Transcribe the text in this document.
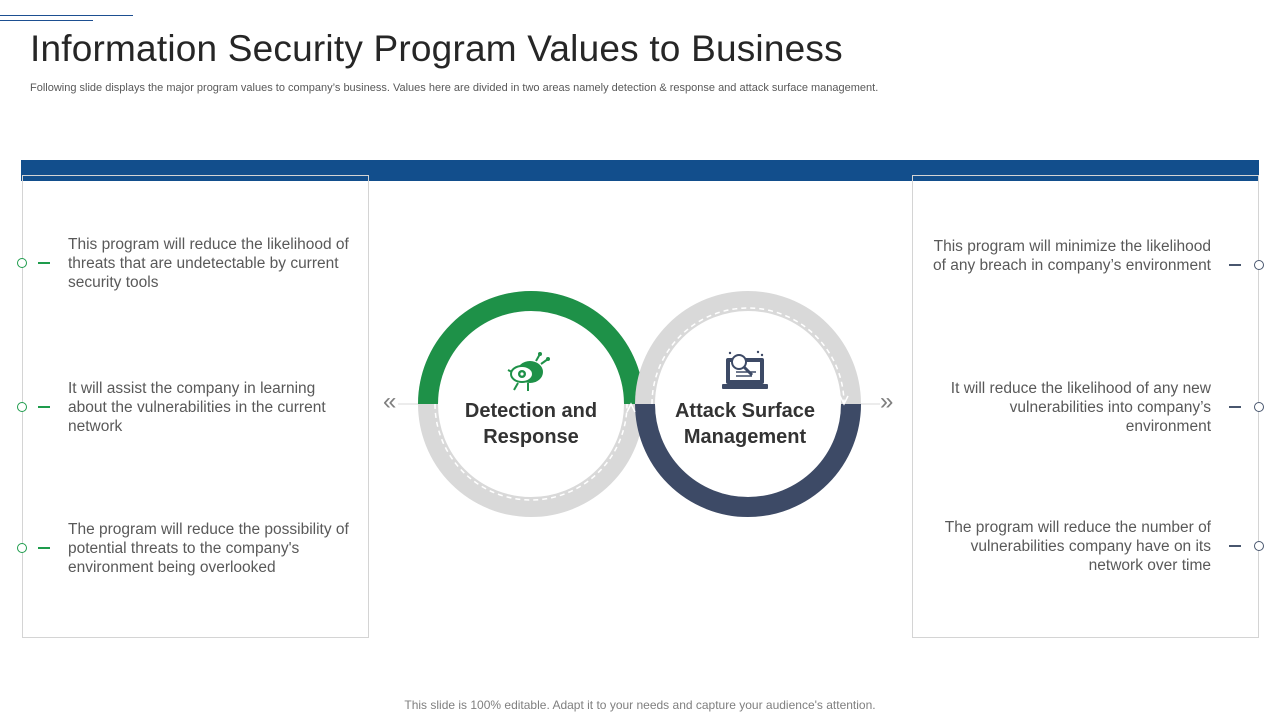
Information Security Program Values to Business

Following slide displays the major program values to company’s business. Values here are divided in two areas namely detection & response and attack surface management.

This program will reduce the likelihood of threats that are undetectable by current security tools

It will assist the company in learning about the vulnerabilities in the current network

The program will reduce the possibility of potential threats to the company's environment being overlooked

This program will minimize the likelihood of any breach in company’s environment

It will reduce the likelihood of any new vulnerabilities into company’s environment

The program will reduce the number of vulnerabilities company have on its network over time

Detection and Response

Attack Surface Management

«	»

This slide is 100% editable. Adapt it to your needs and capture your audience's attention.
